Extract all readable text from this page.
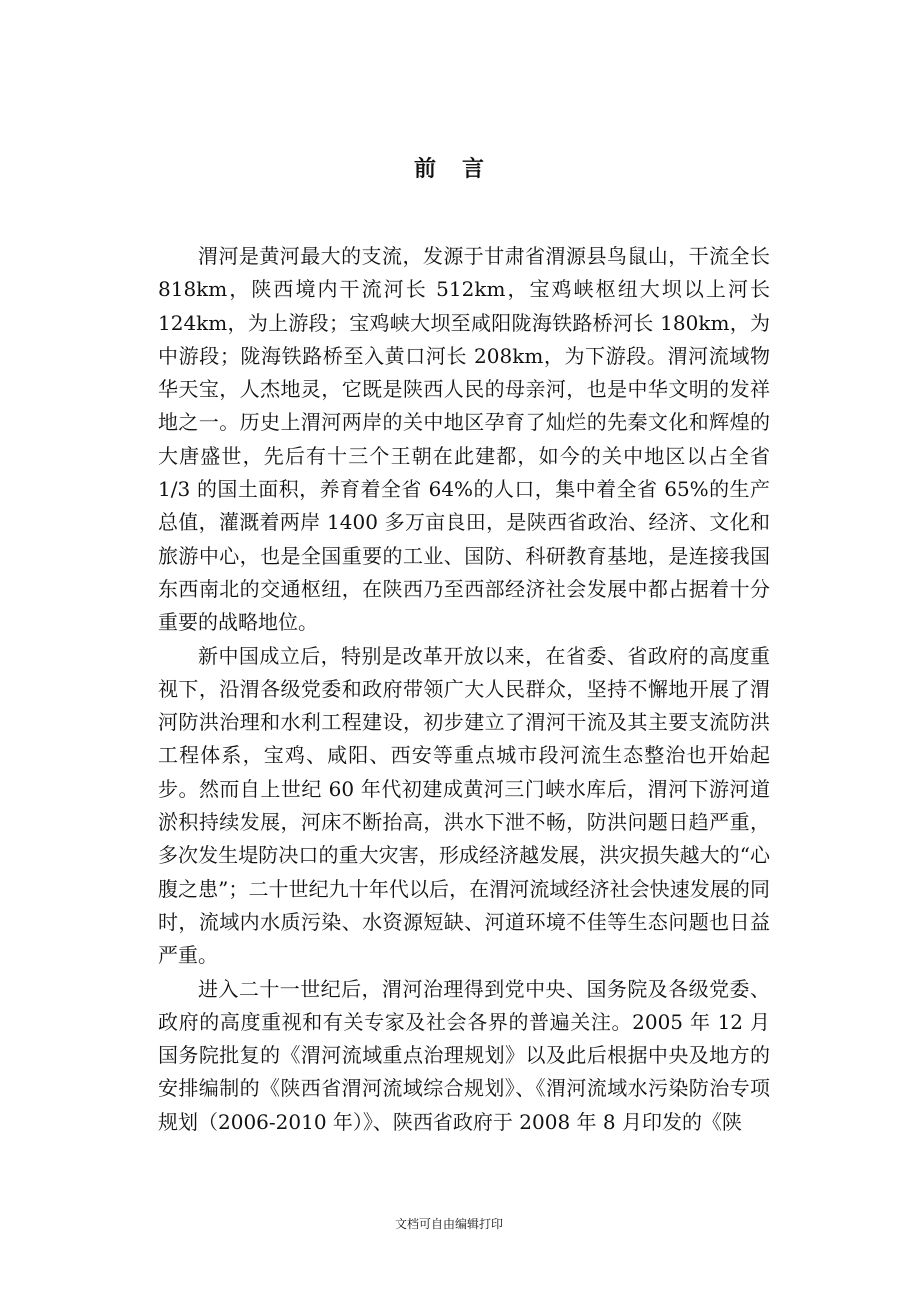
前 言

渭河是黄河最大的支流，发源于甘肃省渭源县鸟鼠山，干流全长 818km，陕西境内干流河长 512km，宝鸡峡枢纽大坝以上河长 124km，为上游段；宝鸡峡大坝至咸阳陇海铁路桥河长 180km，为中游段；陇海铁路桥至入黄口河长 208km，为下游段。渭河流域物华天宝，人杰地灵，它既是陕西人民的母亲河，也是中华文明的发祥地之一。历史上渭河两岸的关中地区孕育了灿烂的先秦文化和辉煌的大唐盛世，先后有十三个王朝在此建都，如今的关中地区以占全省 1/3 的国土面积，养育着全省 64%的人口，集中着全省 65%的生产总值，灌溉着两岸 1400 多万亩良田，是陕西省政治、经济、文化和旅游中心，也是全国重要的工业、国防、科研教育基地，是连接我国东西南北的交通枢纽，在陕西乃至西部经济社会发展中都占据着十分重要的战略地位。

新中国成立后，特别是改革开放以来，在省委、省政府的高度重视下，沿渭各级党委和政府带领广大人民群众，坚持不懈地开展了渭河防洪治理和水利工程建设，初步建立了渭河干流及其主要支流防洪工程体系，宝鸡、咸阳、西安等重点城市段河流生态整治也开始起步。然而自上世纪 60 年代初建成黄河三门峡水库后，渭河下游河道淤积持续发展，河床不断抬高，洪水下泄不畅，防洪问题日趋严重，多次发生堤防决口的重大灾害，形成经济越发展，洪灾损失越大的“心腹之患”；二十世纪九十年代以后，在渭河流域经济社会快速发展的同时，流域内水质污染、水资源短缺、河道环境不佳等生态问题也日益严重。

进入二十一世纪后，渭河治理得到党中央、国务院及各级党委、政府的高度重视和有关专家及社会各界的普遍关注。2005 年 12 月国务院批复的《渭河流域重点治理规划》以及此后根据中央及地方的安排编制的《陕西省渭河流域综合规划》、《渭河流域水污染防治专项规划（2006-2010 年）》、陕西省政府于 2008 年 8 月印发的《陕

文档可自由编辑打印
